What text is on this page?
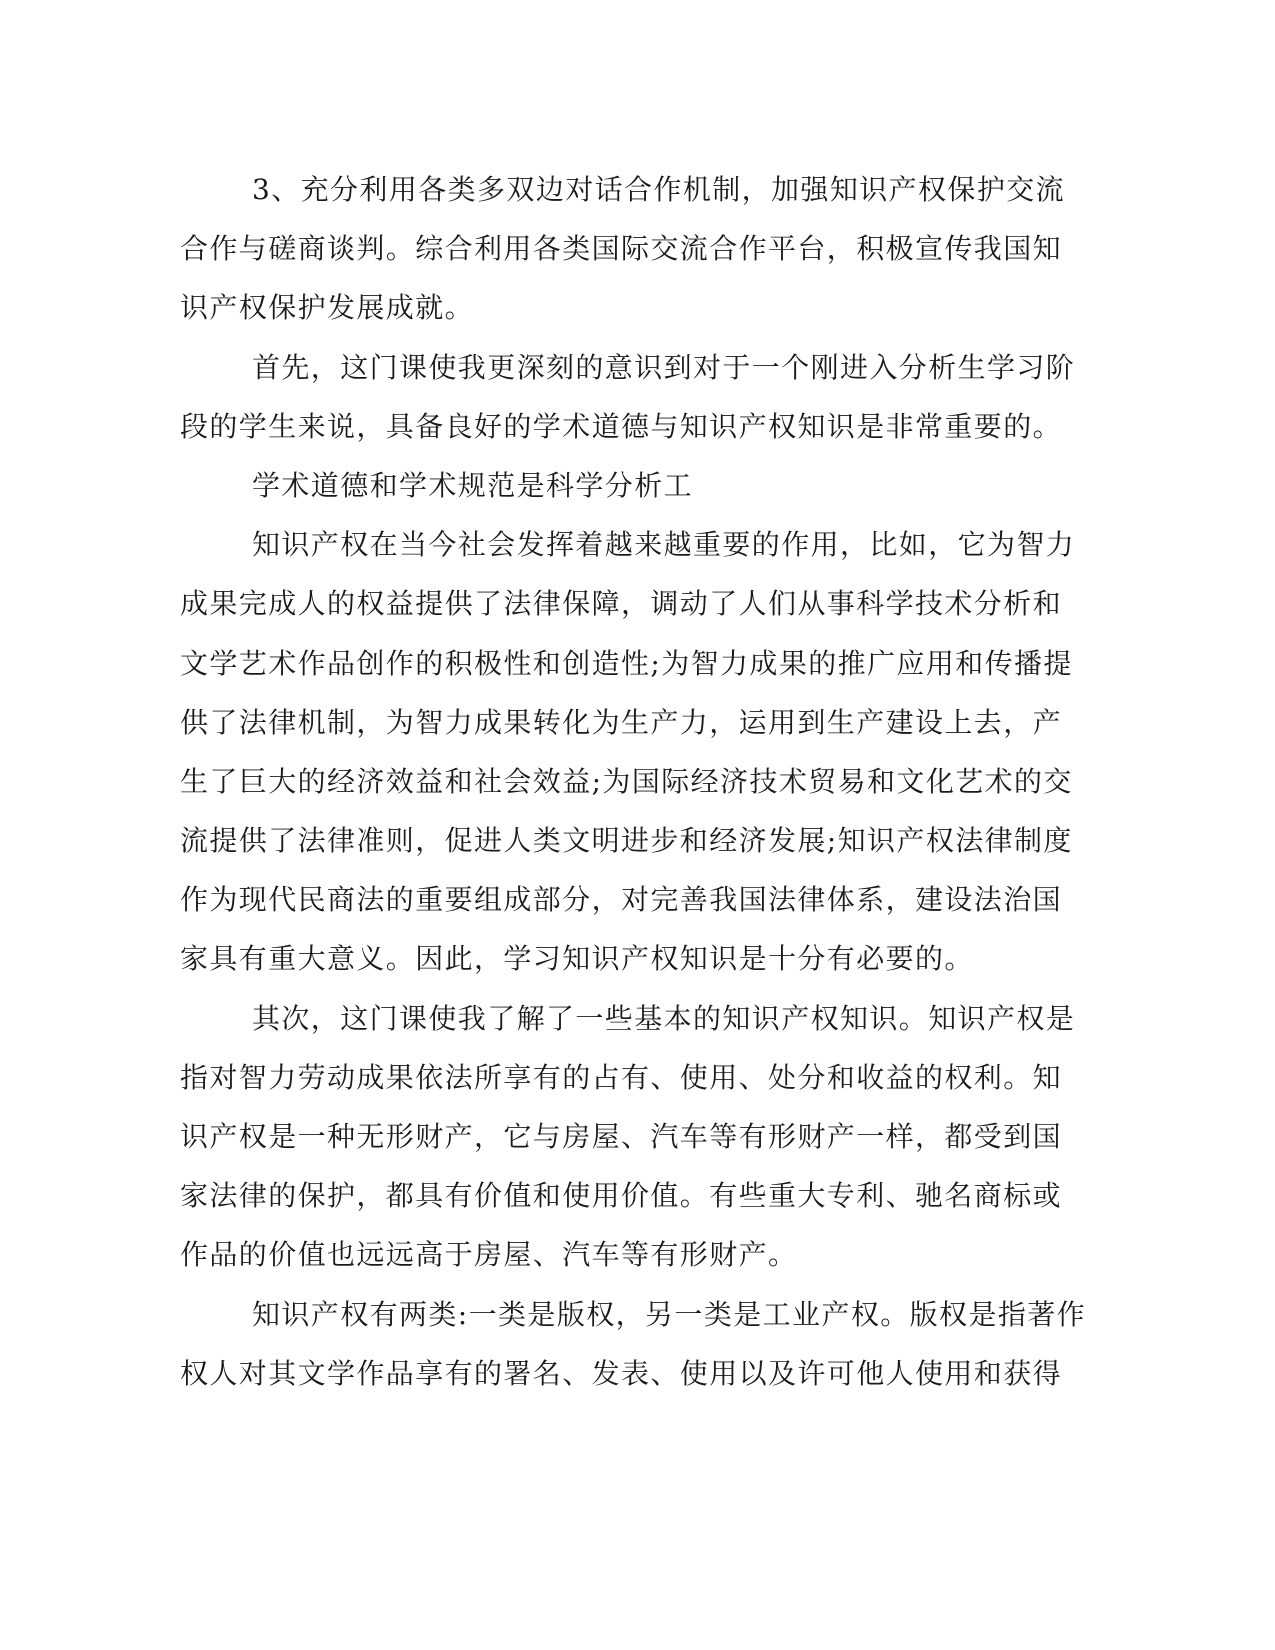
3、充分利用各类多双边对话合作机制，加强知识产权保护交流
合作与磋商谈判。综合利用各类国际交流合作平台，积极宣传我国知
识产权保护发展成就。
首先，这门课使我更深刻的意识到对于一个刚进入分析生学习阶
段的学生来说，具备良好的学术道德与知识产权知识是非常重要的。
学术道德和学术规范是科学分析工
知识产权在当今社会发挥着越来越重要的作用，比如，它为智力
成果完成人的权益提供了法律保障，调动了人们从事科学技术分析和
文学艺术作品创作的积极性和创造性;为智力成果的推广应用和传播提
供了法律机制，为智力成果转化为生产力，运用到生产建设上去，产
生了巨大的经济效益和社会效益;为国际经济技术贸易和文化艺术的交
流提供了法律准则，促进人类文明进步和经济发展;知识产权法律制度
作为现代民商法的重要组成部分，对完善我国法律体系，建设法治国
家具有重大意义。因此，学习知识产权知识是十分有必要的。
其次，这门课使我了解了一些基本的知识产权知识。知识产权是
指对智力劳动成果依法所享有的占有、使用、处分和收益的权利。知
识产权是一种无形财产，它与房屋、汽车等有形财产一样，都受到国
家法律的保护，都具有价值和使用价值。有些重大专利、驰名商标或
作品的价值也远远高于房屋、汽车等有形财产。
知识产权有两类:一类是版权，另一类是工业产权。版权是指著作
权人对其文学作品享有的署名、发表、使用以及许可他人使用和获得
